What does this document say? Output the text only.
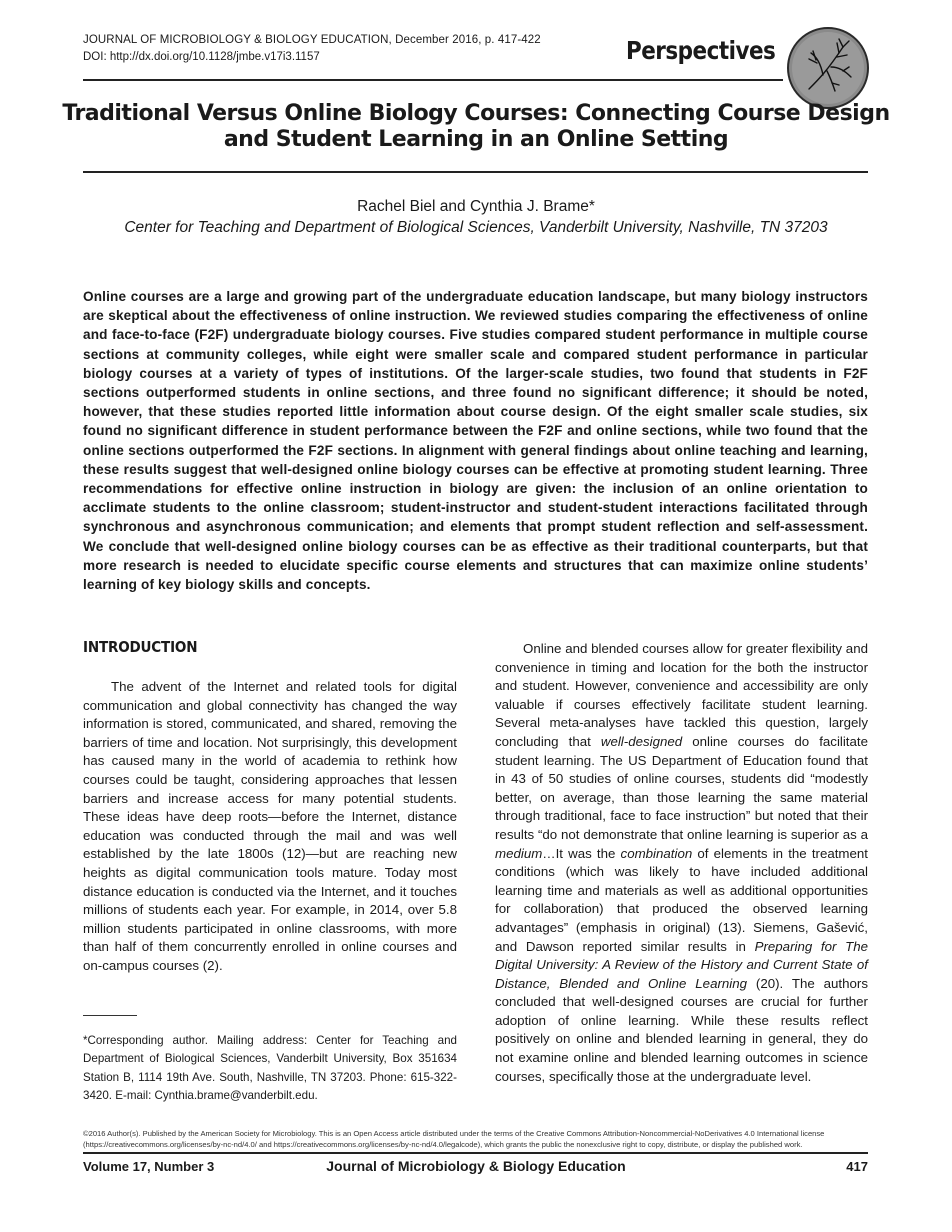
JOURNAL OF MICROBIOLOGY & BIOLOGY EDUCATION, December 2016, p. 417-422
DOI: http://dx.doi.org/10.1128/jmbe.v17i3.1157	Perspectives
Traditional Versus Online Biology Courses: Connecting Course Design
and Student Learning in an Online Setting
Rachel Biel and Cynthia J. Brame*
Center for Teaching and Department of Biological Sciences, Vanderbilt University, Nashville, TN 37203
Online courses are a large and growing part of the undergraduate education landscape, but many biology instructors are skeptical about the effectiveness of online instruction. We reviewed studies comparing the effectiveness of online and face-to-face (F2F) undergraduate biology courses. Five studies compared student performance in multiple course sections at community colleges, while eight were smaller scale and compared student performance in particular biology courses at a variety of types of institutions. Of the larger-scale studies, two found that students in F2F sections outperformed students in online sections, and three found no significant difference; it should be noted, however, that these studies reported little information about course design. Of the eight smaller scale studies, six found no significant difference in student performance between the F2F and online sections, while two found that the online sections outperformed the F2F sections. In alignment with general findings about online teaching and learning, these results suggest that well-designed online biology courses can be effective at promoting student learning. Three recommendations for effective online instruction in biology are given: the inclusion of an online orientation to acclimate students to the online classroom; student-instructor and student-student interactions facilitated through synchronous and asynchronous communication; and elements that prompt student reflection and self-assessment. We conclude that well-designed online biology courses can be as effective as their traditional counterparts, but that more research is needed to elucidate specific course elements and structures that can maximize online students’ learning of key biology skills and concepts.
INTRODUCTION

The advent of the Internet and related tools for digital communication and global connectivity has changed the way information is stored, communicated, and shared, removing the barriers of time and location. Not surprisingly, this development has caused many in the world of academia to rethink how courses could be taught, considering approaches that lessen barriers and increase access for many potential students. These ideas have deep roots—before the Internet, distance education was conducted through the mail and was well established by the late 1800s (12)—but are reaching new heights as digital communication tools mature. Today most distance education is conducted via the Internet, and it touches millions of students each year. For example, in 2014, over 5.8 million students participated in online classrooms, with more than half of them concurrently enrolled in online courses and on-campus courses (2).

Online and blended courses allow for greater flexibility and convenience in timing and location for the both the instructor and student. However, convenience and accessibility are only valuable if courses effectively facilitate student learning. Several meta-analyses have tackled this question, largely concluding that well-designed online courses do facilitate student learning. The US Department of Education found that in 43 of 50 studies of online courses, students did “modestly better, on average, than those learning the same material through traditional, face to face instruction” but noted that their results “do not demonstrate that online learning is superior as a medium…It was the combination of elements in the treatment conditions (which was likely to have included additional learning time and materials as well as additional opportunities for collaboration) that produced the observed learning advantages” (emphasis in original) (13). Siemens, Gašević, and Dawson reported similar results in Preparing for The Digital University: A Review of the History and Current State of Distance, Blended and Online Learning (20). The authors concluded that well-designed courses are crucial for further adoption of online learning. While these results reflect positively on online and blended learning in general, they do not examine online and blended learning outcomes in science courses, specifically those at the undergraduate level.

*Corresponding author. Mailing address: Center for Teaching and Department of Biological Sciences, Vanderbilt University, Box 351634 Station B, 1114 19th Ave. South, Nashville, TN 37203. Phone: 615-322-3420. E-mail: Cynthia.brame@vanderbilt.edu.
©2016 Author(s). Published by the American Society for Microbiology. This is an Open Access article distributed under the terms of the Creative Commons Attribution-Noncommercial-NoDerivatives 4.0 International license (https://creativecommons.org/licenses/by-nc-nd/4.0/ and https://creativecommons.org/licenses/by-nc-nd/4.0/legalcode), which grants the public the nonexclusive right to copy, distribute, or display the published work.
Volume 17, Number 3	Journal of Microbiology & Biology Education	417
